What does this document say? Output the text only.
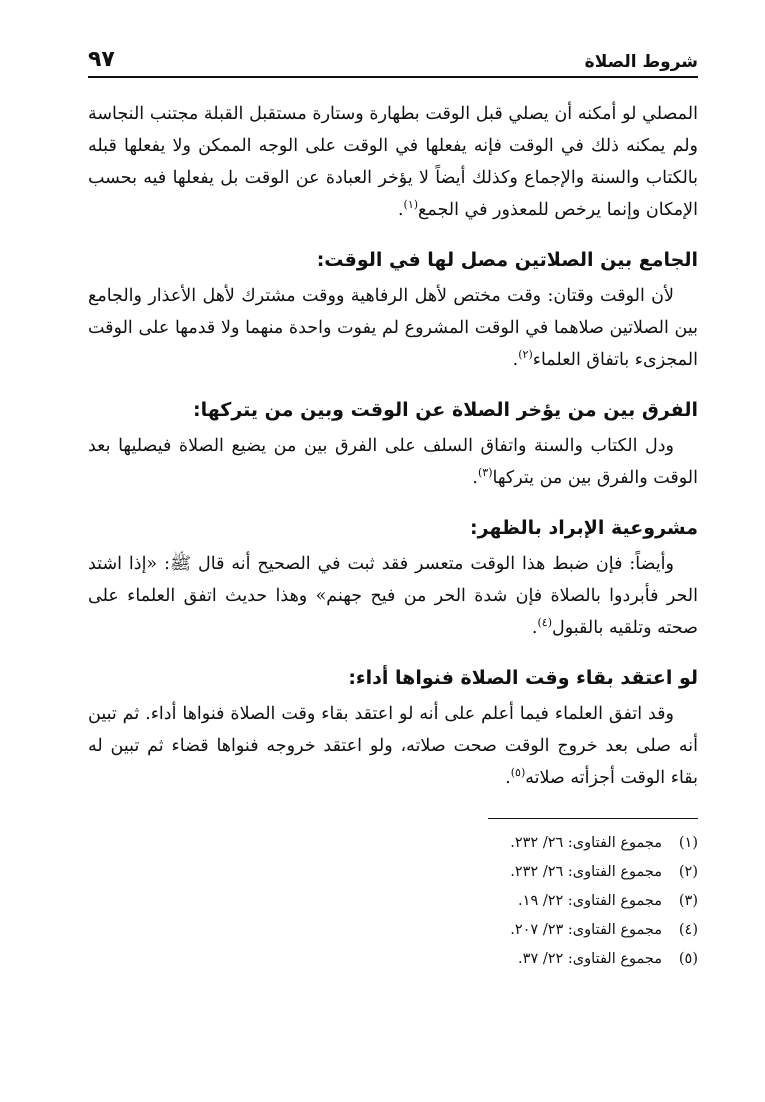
شروط الصلاة
٩٧

المصلي لو أمكنه أن يصلي قبل الوقت بطهارة وستارة مستقبل القبلة مجتنب النجاسة ولم يمكنه ذلك في الوقت فإنه يفعلها في الوقت على الوجه الممكن ولا يفعلها قبله بالكتاب والسنة والإجماع وكذلك أيضاً لا يؤخر العبادة عن الوقت بل يفعلها فيه بحسب الإمكان وإنما يرخص للمعذور في الجمع$^{(١)}$.

الجامع بين الصلاتين مصل لها في الوقت:

لأن الوقت وقتان: وقت مختص لأهل الرفاهية ووقت مشترك لأهل الأعذار والجامع بين الصلاتين صلاهما في الوقت المشروع لم يفوت واحدة منهما ولا قدمها على الوقت المجزىء باتفاق العلماء$^{(٢)}$.

الفرق بين من يؤخر الصلاة عن الوقت وبين من يتركها:

ودل الكتاب والسنة واتفاق السلف على الفرق بين من يضيع الصلاة فيصليها بعد الوقت والفرق بين من يتركها$^{(٣)}$.

مشروعية الإبراد بالظهر:

وأيضاً: فإن ضبط هذا الوقت متعسر فقد ثبت في الصحيح أنه قال ﷺ: «إذا اشتد الحر فأبردوا بالصلاة فإن شدة الحر من فيح جهنم» وهذا حديث اتفق العلماء على صحته وتلقيه بالقبول$^{(٤)}$.

لو اعتقد بقاء وقت الصلاة فنواها أداء:

وقد اتفق العلماء فيما أعلم على أنه لو اعتقد بقاء وقت الصلاة فنواها أداء. ثم تبين أنه صلى بعد خروج الوقت صحت صلاته، ولو اعتقد خروجه فنواها قضاء ثم تبين له بقاء الوقت أجزأته صلاته$^{(٥)}$.

(١)مجموع الفتاوى: ٢٦/ ٢٣٢.
(٢)مجموع الفتاوى: ٢٦/ ٢٣٢.
(٣)مجموع الفتاوى: ٢٢/ ١٩.
(٤)مجموع الفتاوى: ٢٣/ ٢٠٧.
(٥)مجموع الفتاوى: ٢٢/ ٣٧.
